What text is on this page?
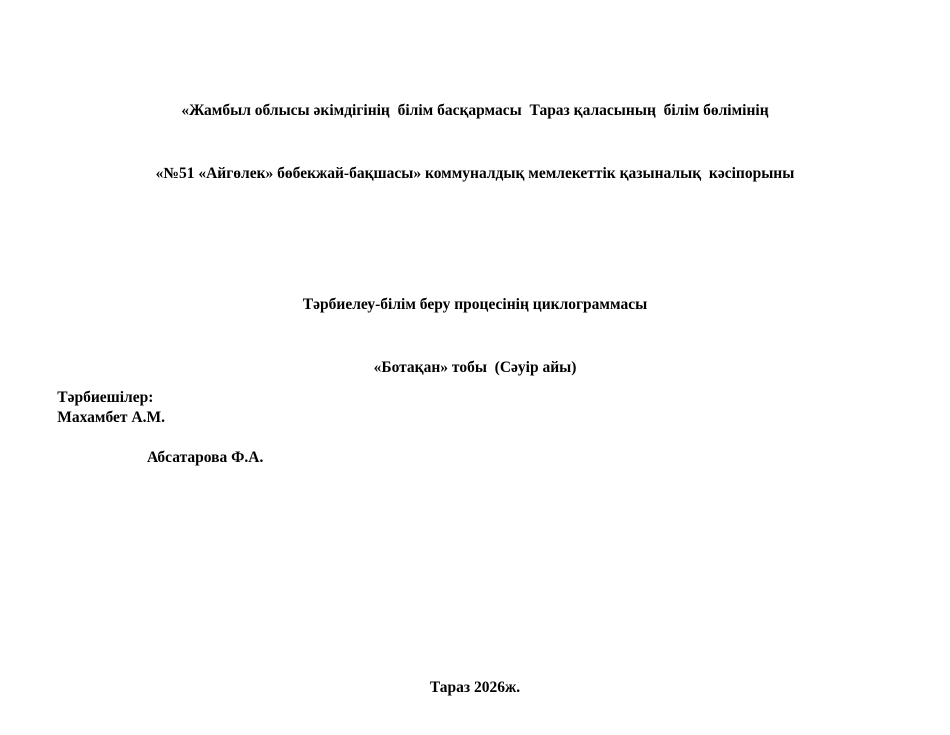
«Жамбыл облысы әкімдігінің  білім басқармасы  Тараз қаласының  білім бөлімінің

«№51 «Айгөлек» бөбекжай-бақшасы» коммуналдық мемлекеттік қазыналық  кәсіпорыны

Тәрбиелеу-білім беру процесінің циклограммасы

«Ботақан» тобы  (Сәуір айы)

Тәрбиешілер:
Махамбет А.М.

Абсатарова Ф.А.
Тараз 2026ж.
